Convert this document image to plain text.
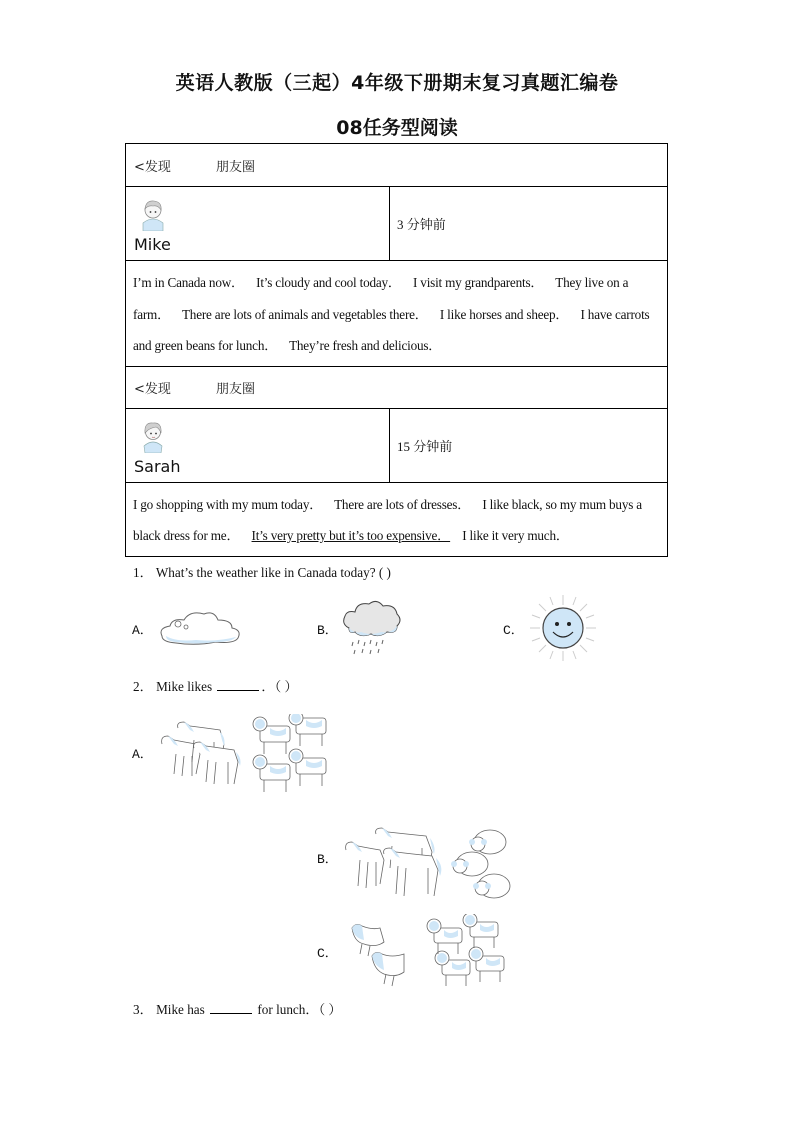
英语人教版（三起）4年级下册期末复习真题汇编卷
08任务型阅读
<发现	朋友圈
Mike
3 分钟前
I’m in Canada now． It’s cloudy and cool today． I visit my grandparents． They live on a farm． There are lots of animals and vegetables there． I like horses and sheep． I have carrots and green beans for lunch． They’re fresh and delicious．
<发现	朋友圈
Sarah
15 分钟前
I go shopping with my mum today． There are lots of dresses． I like black, so my mum buys a black dress for me． It’s very pretty but it’s too expensive． I like it very much．
1． What’s the weather like in Canada today? ( )
A．	B．	C．
2． Mike likes	．（ ）
A．
B．
C．
3． Mike has	for lunch．（ ）
